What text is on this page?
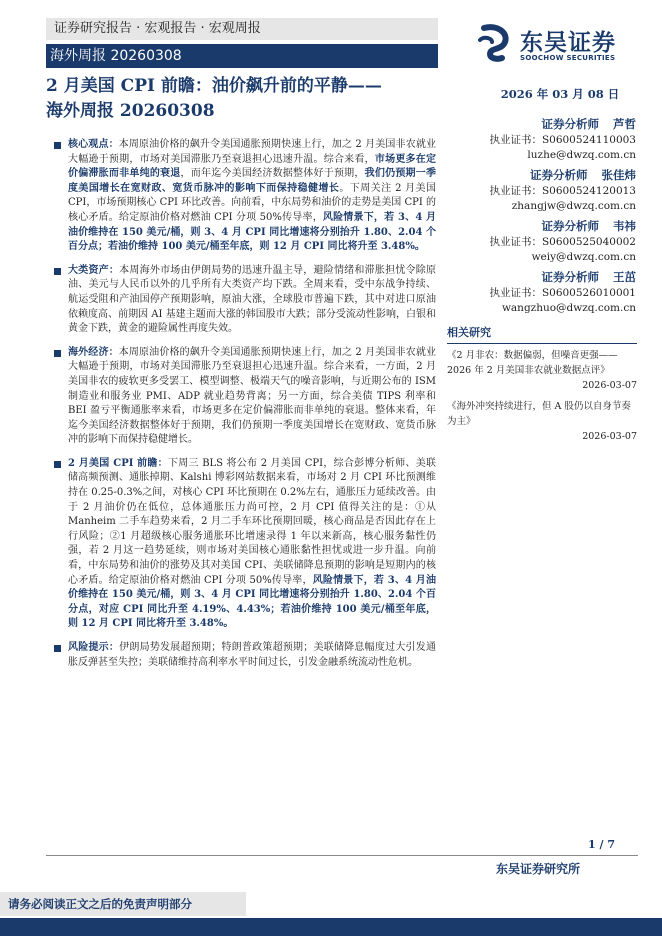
证券研究报告 · 宏观报告 · 宏观周报
海外周报 20260308	东吴证券
SOOCHOW SECURITIES
2 月美国 CPI 前瞻：油价飙升前的平静——
海外周报 20260308
2026 年 03 月 08 日
证券分析师 芦哲
执业证书：S0600524110003
luzhe@dwzq.com.cn
证券分析师 张佳炜
执业证书：S0600524120013
zhangjw@dwzq.com.cn
证券分析师 韦祎
执业证书：S0600525040002
weiy@dwzq.com.cn
证券分析师 王茁
执业证书：S0600526010001
wangzhuo@dwzq.com.cn
相关研究
《2 月非农：数据偏弱，但噪音更强——2026 年 2 月美国非农就业数据点评》
2026-03-07
《海外冲突持续进行，但 A 股仍以自身节奏为主》
2026-03-07
核心观点：本周原油价格的飙升令美国通胀预期快速上行，加之 2 月美国非农就业大幅逊于预期，市场对美国滞胀乃至衰退担心迅速升温。综合来看，市场更多在定价偏滞胀而非单纯的衰退，而年迄今美国经济数据整体好于预期，我们仍预期一季度美国增长在宽财政、宽货币脉冲的影响下而保持稳健增长。下周关注 2 月美国 CPI，市场预期核心 CPI 环比改善。向前看，中东局势和油价的走势是美国 CPI 的核心矛盾。给定原油价格对燃油 CPI 分项 50%传导率，风险情景下，若 3、4 月油价维持在 150 美元/桶，则 3、4 月 CPI 同比增速将分别抬升 1.80、2.04 个百分点；若油价维持 100 美元/桶至年底，则 12 月 CPI 同比将升至 3.48%。
大类资产：本周海外市场由伊朗局势的迅速升温主导，避险情绪和滞胀担忧令除原油、美元与人民币以外的几乎所有大类资产均下跌。全周来看，受中东战争持续、航运受阻和产油国停产预期影响，原油大涨，全球股市普遍下跌，其中对进口原油依赖度高、前期因 AI 基建主题而大涨的韩国股市大跌；部分受流动性影响，白银和黄金下跌，黄金的避险属性再度失效。
海外经济：本周原油价格的飙升令美国通胀预期快速上行，加之 2 月美国非农就业大幅逊于预期，市场对美国滞胀乃至衰退担心迅速升温。综合来看，一方面，2 月美国非农的疲软更多受罢工、模型调整、极端天气的噪音影响，与近期公布的 ISM 制造业和服务业 PMI、ADP 就业趋势背离；另一方面，综合美债 TIPS 利率和 BEI 盈亏平衡通胀率来看，市场更多在定价偏滞胀而非单纯的衰退。整体来看，年迄今美国经济数据整体好于预期，我们仍预期一季度美国增长在宽财政、宽货币脉冲的影响下而保持稳健增长。
2 月美国 CPI 前瞻：下周三 BLS 将公布 2 月美国 CPI，综合彭博分析师、美联储高频预测、通胀掉期、Kalshi 博彩网站数据来看，市场对 2 月 CPI 环比预测维持在 0.25-0.3%之间，对核心 CPI 环比预期在 0.2%左右，通胀压力延续改善。由于 2 月油价仍在低位，总体通胀压力尚可控，2 月 CPI 值得关注的是：①从 Manheim 二手车趋势来看，2 月二手车环比预期回暖，核心商品是否因此存在上行风险；②1 月超级核心服务通胀环比增速录得 1 年以来新高，核心服务黏性仍强，若 2 月这一趋势延续，则市场对美国核心通胀黏性担忧或进一步升温。向前看，中东局势和油价的涨势及其对美国 CPI、美联储降息预期的影响是短期内的核心矛盾。给定原油价格对燃油 CPI 分项 50%传导率，风险情景下，若 3、4 月油价维持在 150 美元/桶，则 3、4 月 CPI 同比增速将分别抬升 1.80、2.04 个百分点，对应 CPI 同比升至 4.19%、4.43%；若油价维持 100 美元/桶至年底，则 12 月 CPI 同比将升至 3.48%。
风险提示：伊朗局势发展超预期；特朗普政策超预期；美联储降息幅度过大引发通胀反弹甚至失控；美联储维持高利率水平时间过长，引发金融系统流动性危机。
1 / 7
东吴证券研究所
请务必阅读正文之后的免责声明部分
